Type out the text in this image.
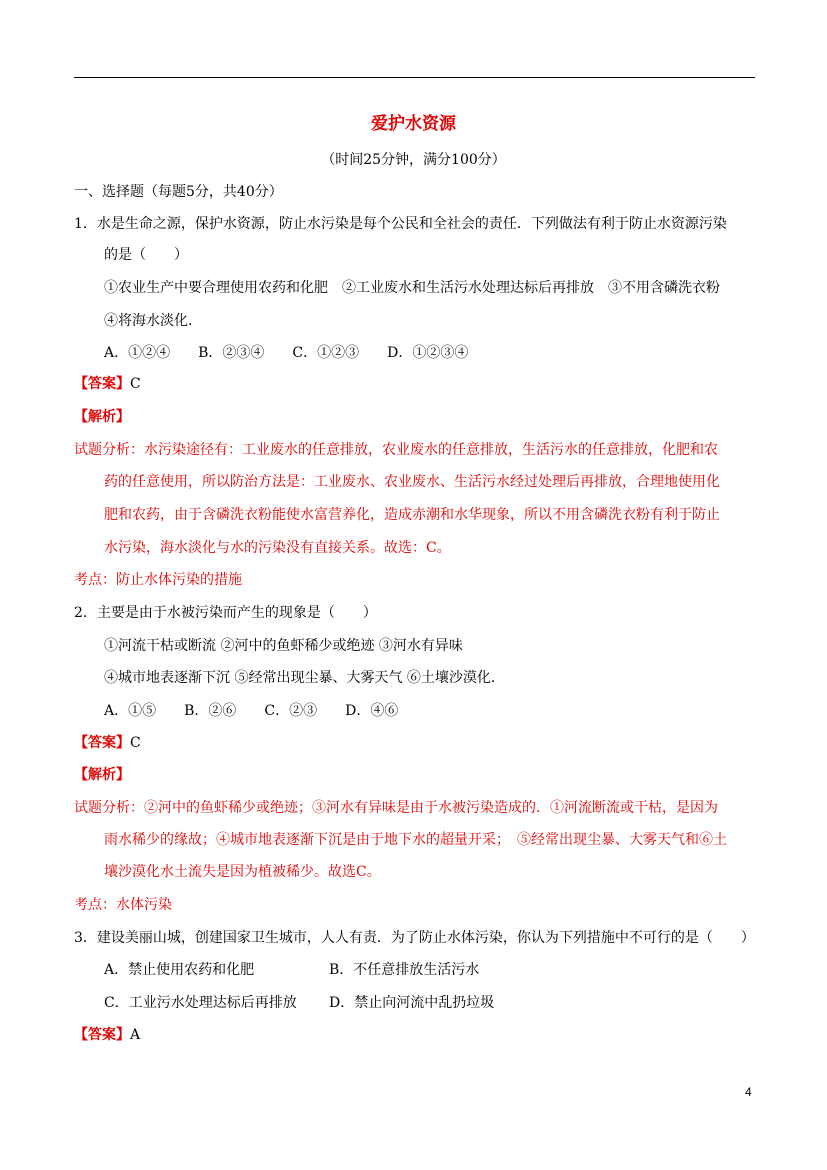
爱护水资源
（时间25分钟，满分100分）
一、选择题（每题5分，共40分）
1．水是生命之源，保护水资源，防止水污染是每个公民和全社会的责任．下列做法有利于防止水资源污染
的是（　　）
①农业生产中要合理使用农药和化肥　②工业废水和生活污水处理达标后再排放　③不用含磷洗衣粉
④将海水淡化．
A．①②④　　B．②③④　　C．①②③　　D．①②③④
【答案】C
【解析】
试题分析：水污染途径有：工业废水的任意排放，农业废水的任意排放，生活污水的任意排放，化肥和农
药的任意使用，所以防治方法是：工业废水、农业废水、生活污水经过处理后再排放，合理地使用化
肥和农药，由于含磷洗衣粉能使水富营养化，造成赤潮和水华现象，所以不用含磷洗衣粉有利于防止
水污染，海水淡化与水的污染没有直接关系。故选：C。
考点：防止水体污染的措施
2．主要是由于水被污染而产生的现象是（　　）
①河流干枯或断流 ②河中的鱼虾稀少或绝迹 ③河水有异味
④城市地表逐渐下沉 ⑤经常出现尘暴、大雾天气 ⑥土壤沙漠化．
A．①⑤　　B．②⑥　　C．②③　　D．④⑥
【答案】C
【解析】
试题分析：②河中的鱼虾稀少或绝迹；③河水有异味是由于水被污染造成的．①河流断流或干枯，是因为
雨水稀少的缘故；④城市地表逐渐下沉是由于地下水的超量开采；　⑤经常出现尘暴、大雾天气和⑥土
壤沙漠化水土流失是因为植被稀少。故选C。
考点：水体污染
3．建设美丽山城，创建国家卫生城市，人人有责．为了防止水体污染，你认为下列措施中不可行的是（　　）
A．禁止使用农药和化肥	B．不任意排放生活污水
C．工业污水处理达标后再排放 D．禁止向河流中乱扔垃圾
【答案】A
4
